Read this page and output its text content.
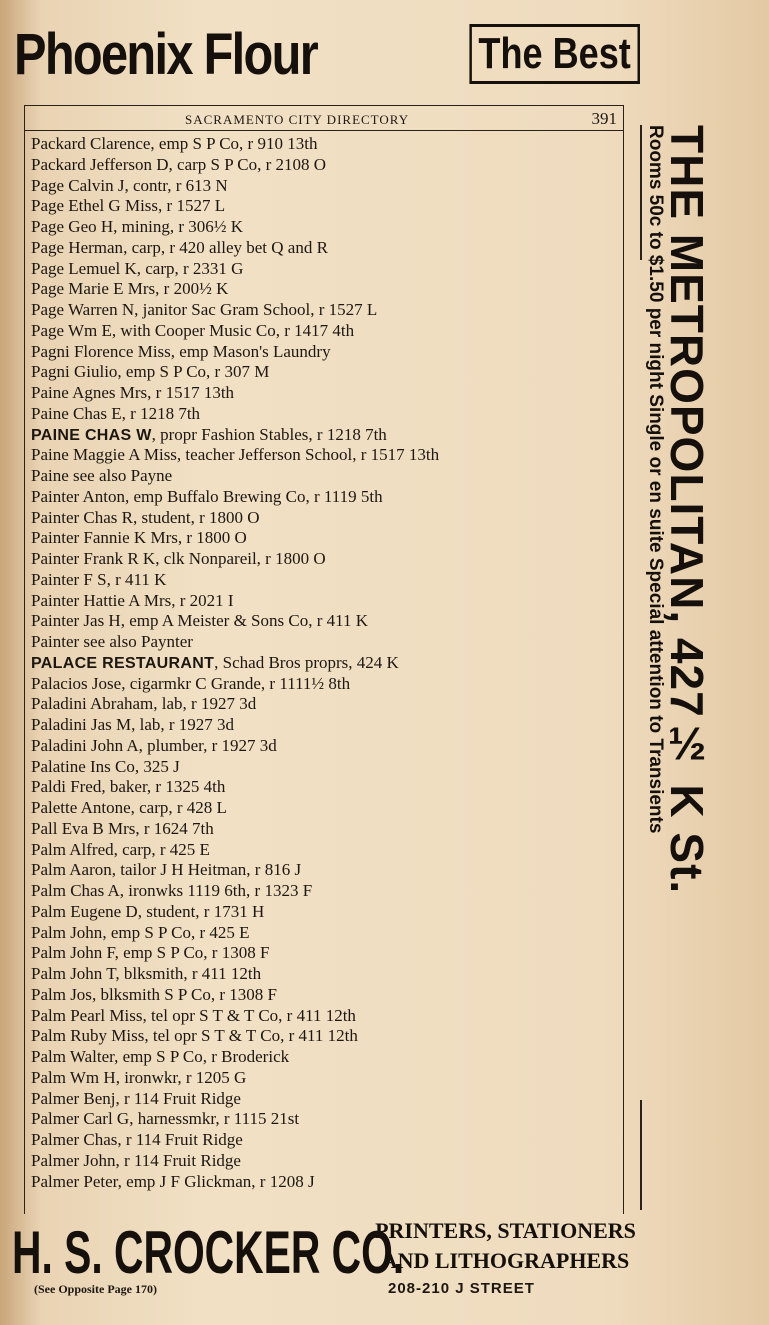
Phoenix Flour	The Best
SACRAMENTO CITY DIRECTORY	391
Packard Clarence, emp S P Co, r 910 13th
Packard Jefferson D, carp S P Co, r 2108 O
Page Calvin J, contr, r 613 N
Page Ethel G Miss, r 1527 L
Page Geo H, mining, r 306½ K
Page Herman, carp, r 420 alley bet Q and R
Page Lemuel K, carp, r 2331 G
Page Marie E Mrs, r 200½ K
Page Warren N, janitor Sac Gram School, r 1527 L
Page Wm E, with Cooper Music Co, r 1417 4th
Pagni Florence Miss, emp Mason's Laundry
Pagni Giulio, emp S P Co, r 307 M
Paine Agnes Mrs, r 1517 13th
Paine Chas E, r 1218 7th
PAINE CHAS W, propr Fashion Stables, r 1218 7th
Paine Maggie A Miss, teacher Jefferson School, r 1517 13th
Paine see also Payne
Painter Anton, emp Buffalo Brewing Co, r 1119 5th
Painter Chas R, student, r 1800 O
Painter Fannie K Mrs, r 1800 O
Painter Frank R K, clk Nonpareil, r 1800 O
Painter F S, r 411 K
Painter Hattie A Mrs, r 2021 I
Painter Jas H, emp A Meister & Sons Co, r 411 K
Painter see also Paynter
PALACE RESTAURANT, Schad Bros proprs, 424 K
Palacios Jose, cigarmkr C Grande, r 1111½ 8th
Paladini Abraham, lab, r 1927 3d
Paladini Jas M, lab, r 1927 3d
Paladini John A, plumber, r 1927 3d
Palatine Ins Co, 325 J
Paldi Fred, baker, r 1325 4th
Palette Antone, carp, r 428 L
Pall Eva B Mrs, r 1624 7th
Palm Alfred, carp, r 425 E
Palm Aaron, tailor J H Heitman, r 816 J
Palm Chas A, ironwks 1119 6th, r 1323 F
Palm Eugene D, student, r 1731 H
Palm John, emp S P Co, r 425 E
Palm John F, emp S P Co, r 1308 F
Palm John T, blksmith, r 411 12th
Palm Jos, blksmith S P Co, r 1308 F
Palm Pearl Miss, tel opr S T & T Co, r 411 12th
Palm Ruby Miss, tel opr S T & T Co, r 411 12th
Palm Walter, emp S P Co, r Broderick
Palm Wm H, ironwkr, r 1205 G
Palmer Benj, r 114 Fruit Ridge
Palmer Carl G, harnessmkr, r 1115 21st
Palmer Chas, r 114 Fruit Ridge
Palmer John, r 114 Fruit Ridge
Palmer Peter, emp J F Glickman, r 1208 J
Rooms 50c to $1.50 per night Single or en suite Special attention to Transients
THE METROPOLITAN, 427½ K St.
H. S. CROCKER CO.
PRINTERS, STATIONERS
AND LITHOGRAPHERS
(See Opposite Page 170)	208-210 J STREET
